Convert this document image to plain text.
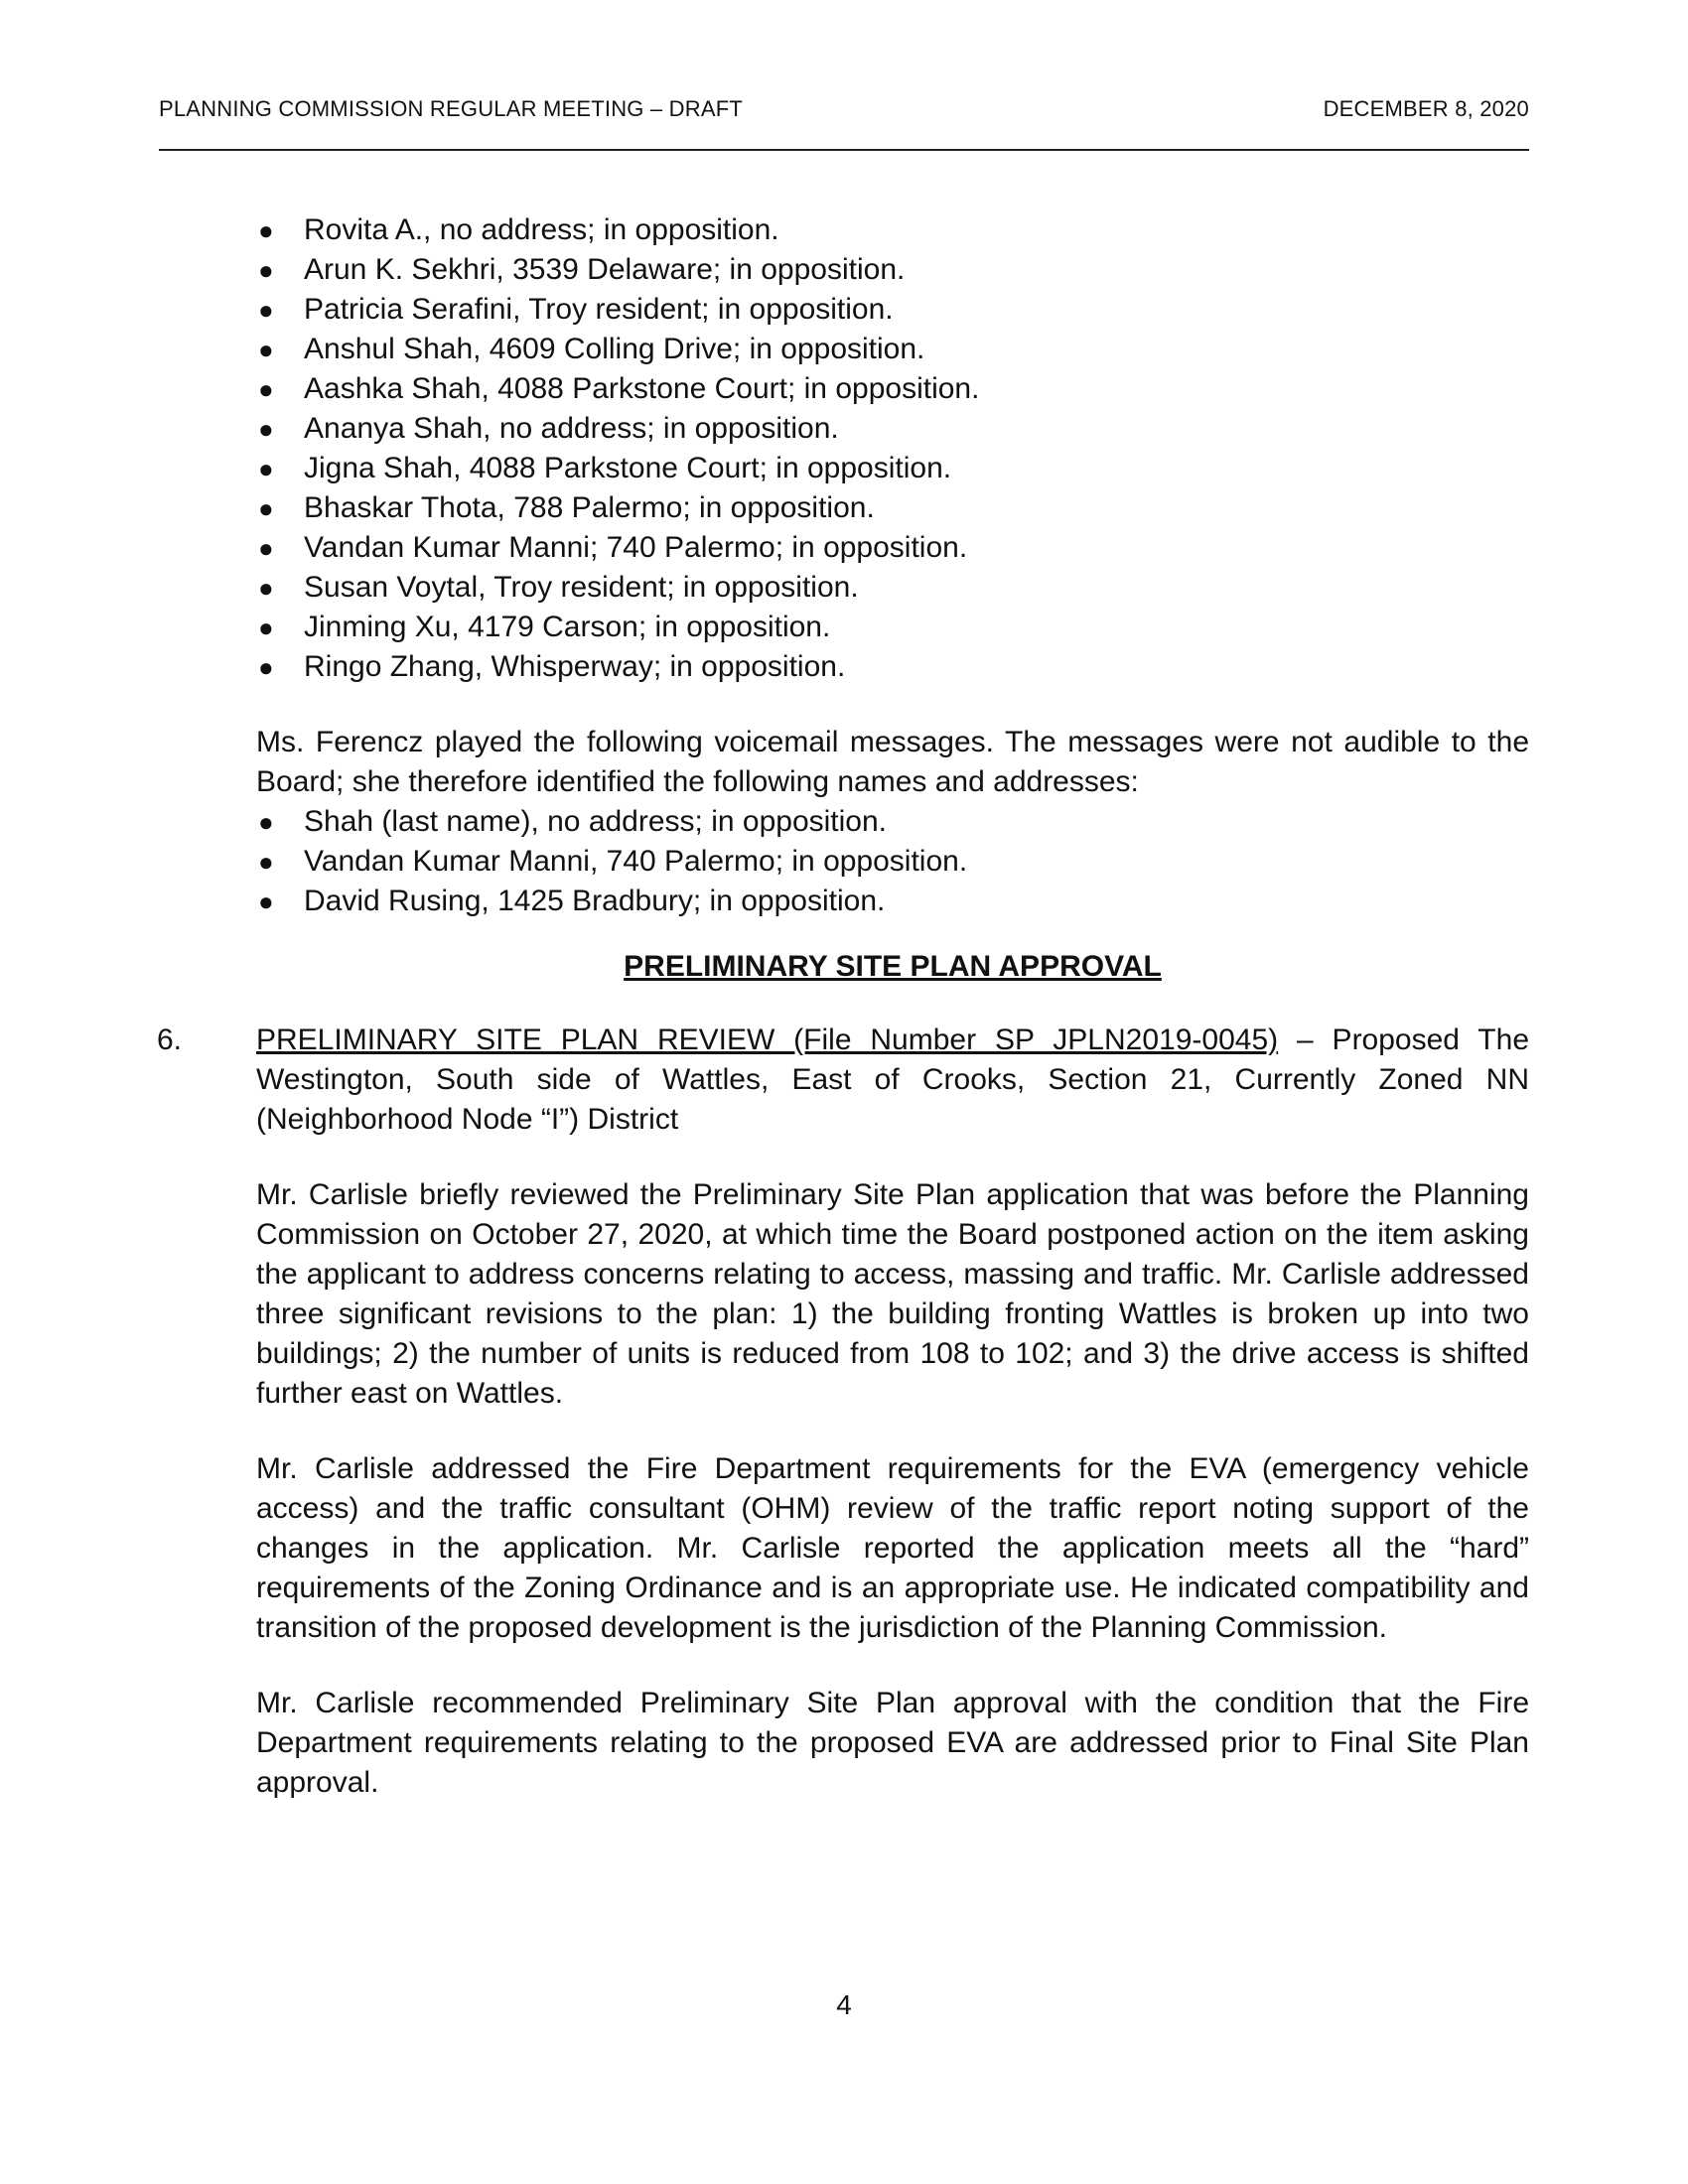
PLANNING COMMISSION REGULAR MEETING – DRAFT	DECEMBER 8, 2020
● Rovita A., no address; in opposition.
● Arun K. Sekhri, 3539 Delaware; in opposition.
● Patricia Serafini, Troy resident; in opposition.
● Anshul Shah, 4609 Colling Drive; in opposition.
● Aashka Shah, 4088 Parkstone Court; in opposition.
● Ananya Shah, no address; in opposition.
● Jigna Shah, 4088 Parkstone Court; in opposition.
● Bhaskar Thota, 788 Palermo; in opposition.
● Vandan Kumar Manni; 740 Palermo; in opposition.
● Susan Voytal, Troy resident; in opposition.
● Jinming Xu, 4179 Carson; in opposition.
● Ringo Zhang, Whisperway; in opposition.

Ms. Ferencz played the following voicemail messages. The messages were not audible to the Board; she therefore identified the following names and addresses:

● Shah (last name), no address; in opposition.
● Vandan Kumar Manni, 740 Palermo; in opposition.
● David Rusing, 1425 Bradbury; in opposition.
PRELIMINARY SITE PLAN APPROVAL
6. PRELIMINARY SITE PLAN REVIEW (File Number SP JPLN2019-0045) – Proposed The Westington, South side of Wattles, East of Crooks, Section 21, Currently Zoned NN (Neighborhood Node “I”) District

Mr. Carlisle briefly reviewed the Preliminary Site Plan application that was before the Planning Commission on October 27, 2020, at which time the Board postponed action on the item asking the applicant to address concerns relating to access, massing and traffic. Mr. Carlisle addressed three significant revisions to the plan: 1) the building fronting Wattles is broken up into two buildings; 2) the number of units is reduced from 108 to 102; and 3) the drive access is shifted further east on Wattles.

Mr. Carlisle addressed the Fire Department requirements for the EVA (emergency vehicle access) and the traffic consultant (OHM) review of the traffic report noting support of the changes in the application. Mr. Carlisle reported the application meets all the “hard” requirements of the Zoning Ordinance and is an appropriate use. He indicated compatibility and transition of the proposed development is the jurisdiction of the Planning Commission.

Mr. Carlisle recommended Preliminary Site Plan approval with the condition that the Fire Department requirements relating to the proposed EVA are addressed prior to Final Site Plan approval.

4
